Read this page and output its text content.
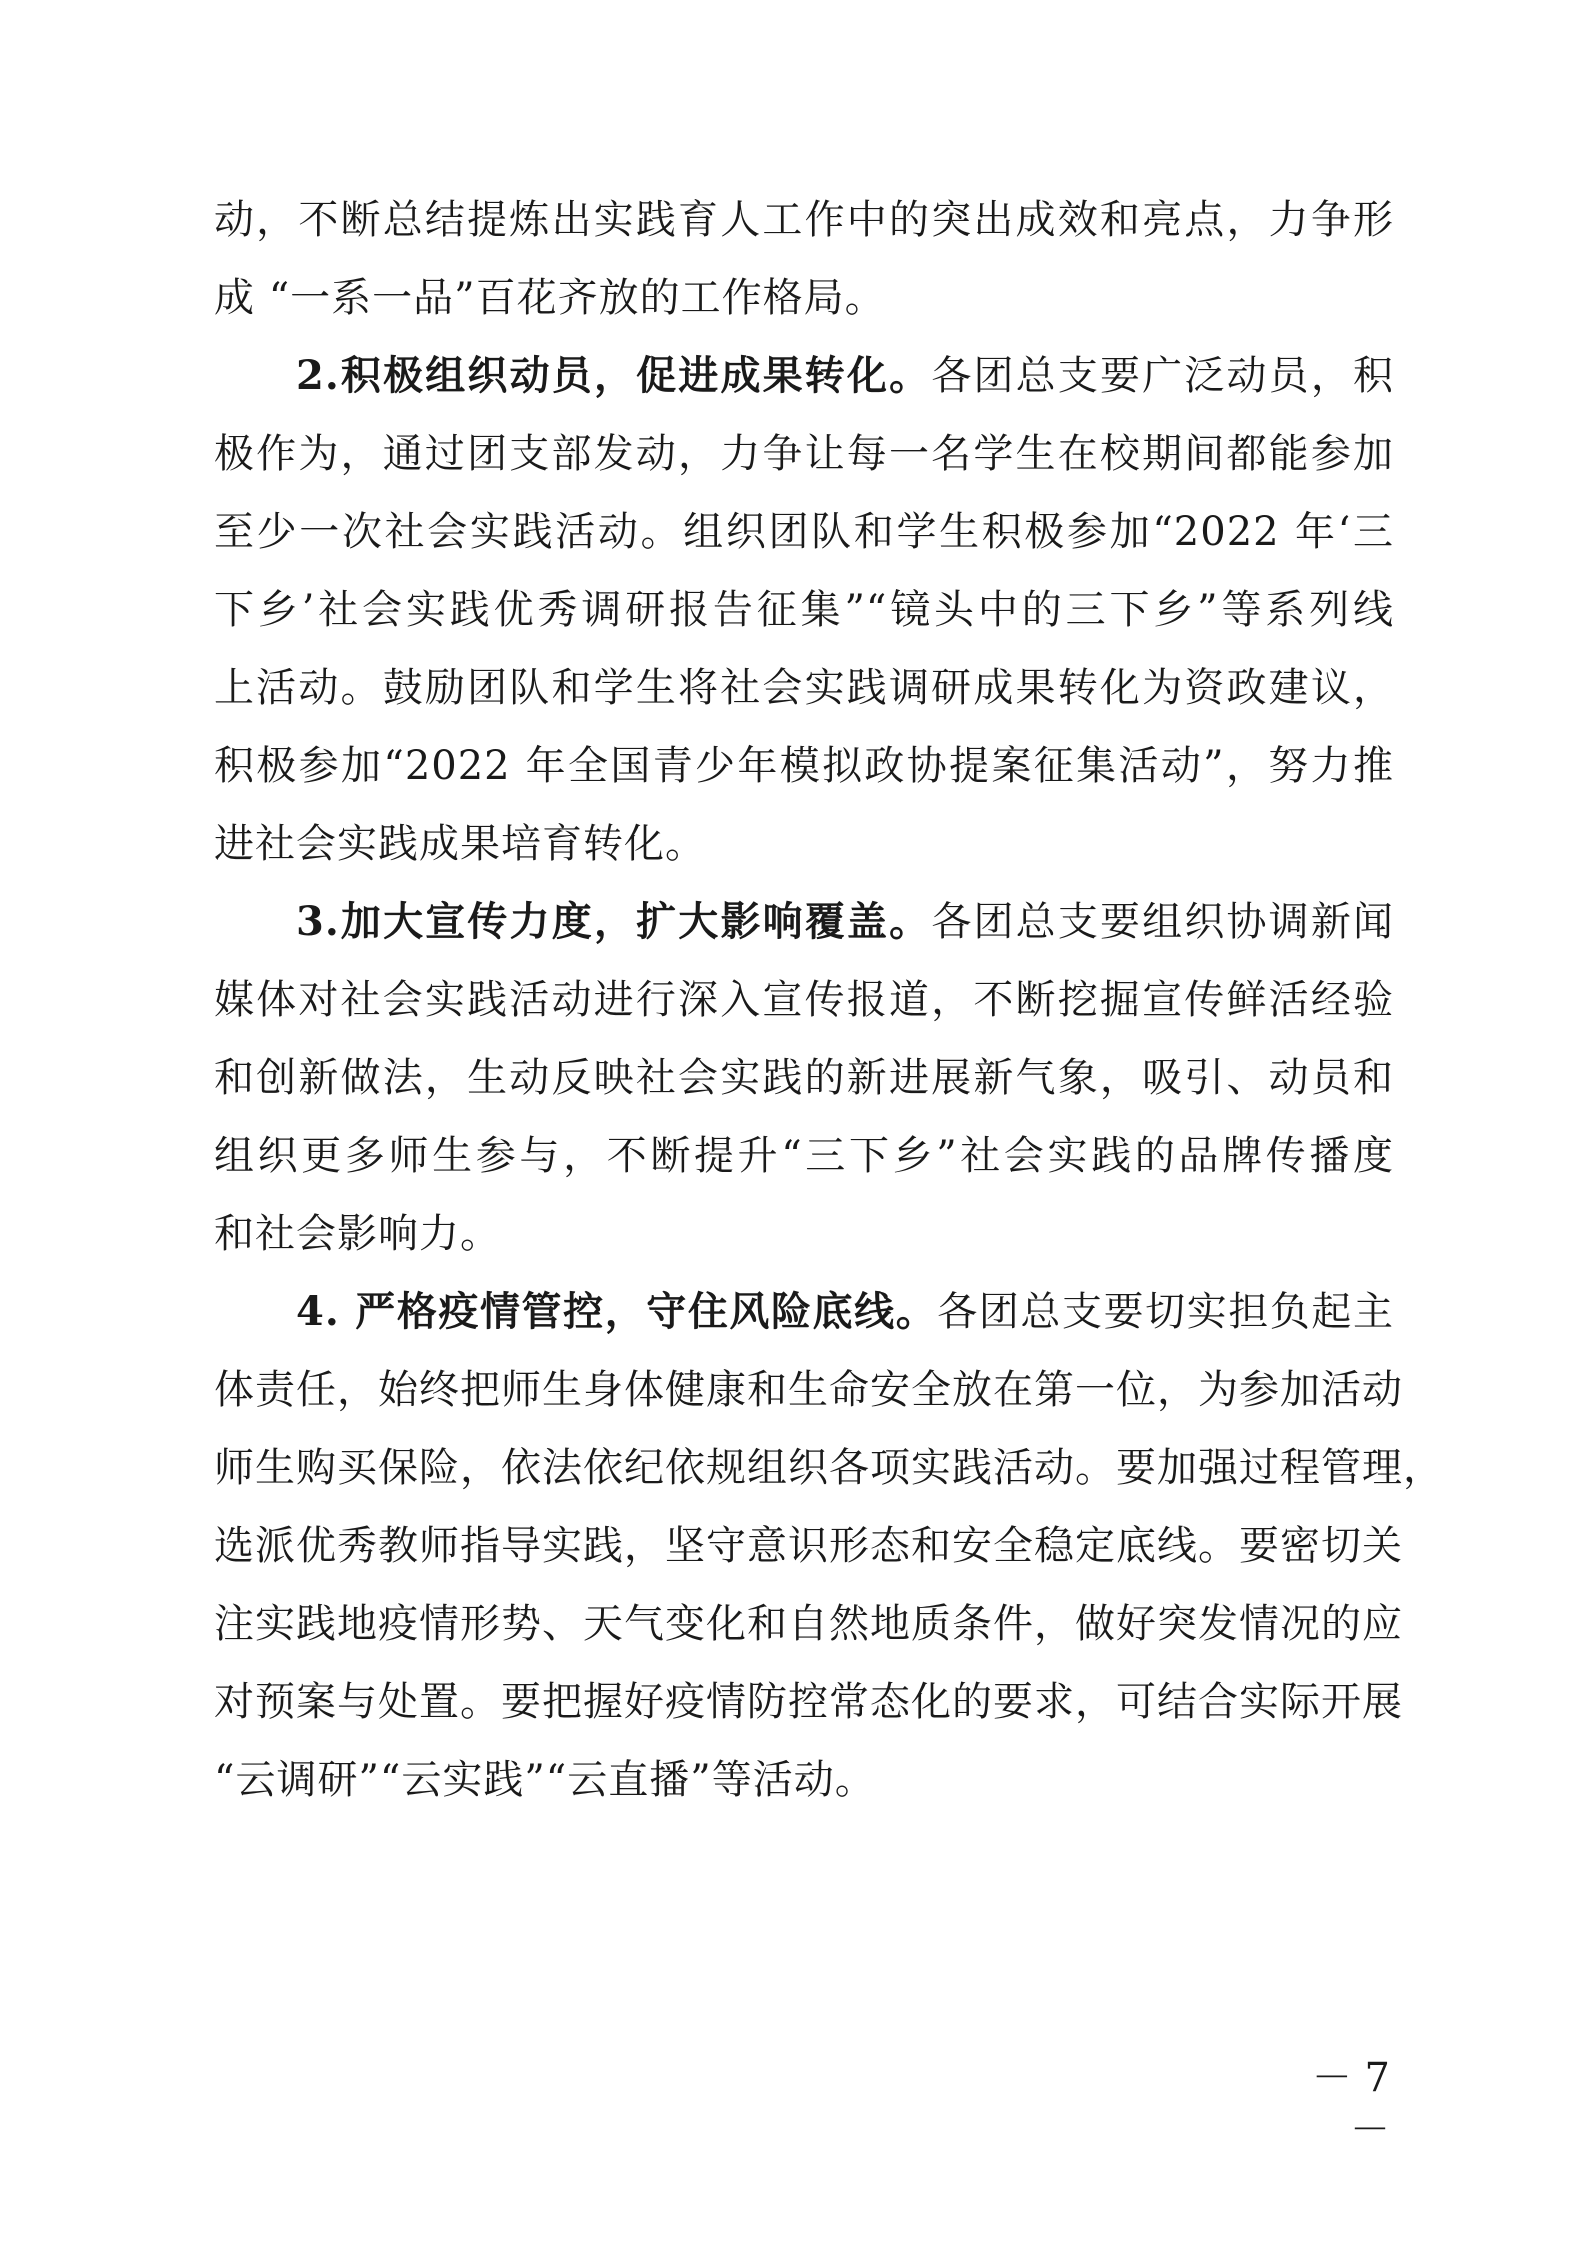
动，不断总结提炼出实践育人工作中的突出成效和亮点，力争形
成 “一系一品”百花齐放的工作格局。
2.积极组织动员，促进成果转化。各团总支要广泛动员，积
极作为，通过团支部发动，力争让每一名学生在校期间都能参加
至少一次社会实践活动。组织团队和学生积极参加“2022 年‘三
下乡’社会实践优秀调研报告征集”“镜头中的三下乡”等系列线
上活动。鼓励团队和学生将社会实践调研成果转化为资政建议，
积极参加“2022 年全国青少年模拟政协提案征集活动”，努力推
进社会实践成果培育转化。
3.加大宣传力度，扩大影响覆盖。各团总支要组织协调新闻
媒体对社会实践活动进行深入宣传报道，不断挖掘宣传鲜活经验
和创新做法，生动反映社会实践的新进展新气象，吸引、动员和
组织更多师生参与，不断提升“三下乡”社会实践的品牌传播度
和社会影响力。
4. 严格疫情管控，守住风险底线。各团总支要切实担负起主
体责任，始终把师生身体健康和生命安全放在第一位，为参加活动
师生购买保险，依法依纪依规组织各项实践活动。要加强过程管理，
选派优秀教师指导实践，坚守意识形态和安全稳定底线。要密切关
注实践地疫情形势、天气变化和自然地质条件，做好突发情况的应
对预案与处置。要把握好疫情防控常态化的要求，可结合实际开展
“云调研”“云实践”“云直播”等活动。
－ 7 －
